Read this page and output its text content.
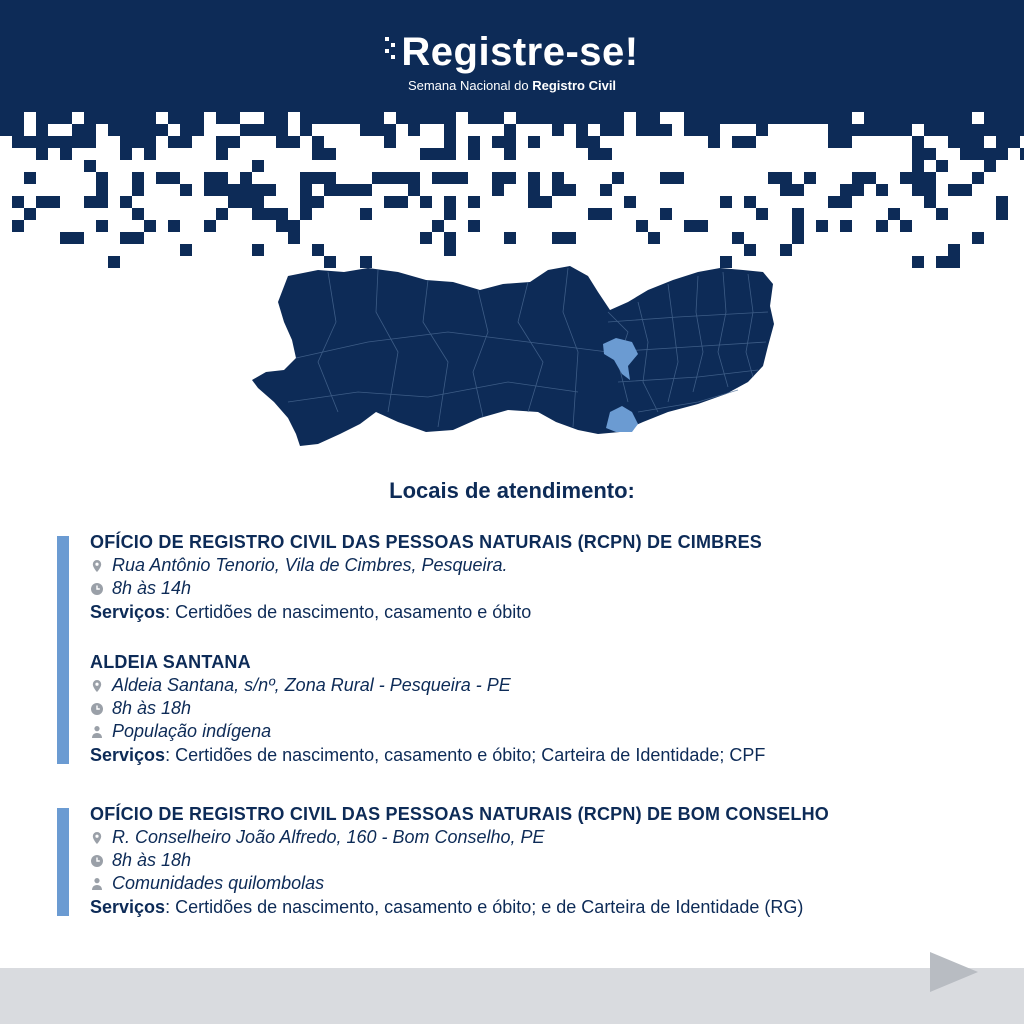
Registre-se!
Semana Nacional do Registro Civil
Locais de atendimento:
OFÍCIO DE REGISTRO CIVIL DAS PESSOAS NATURAIS (RCPN) DE CIMBRES
Rua Antônio Tenorio, Vila de Cimbres, Pesqueira.
8h às 14h
Serviços: Certidões de nascimento, casamento e óbito
ALDEIA SANTANA
Aldeia Santana, s/nº, Zona Rural - Pesqueira - PE
8h às 18h
População indígena
Serviços: Certidões de nascimento, casamento e óbito; Carteira de Identidade; CPF
OFÍCIO DE REGISTRO CIVIL DAS PESSOAS NATURAIS (RCPN) DE BOM CONSELHO
R. Conselheiro João Alfredo, 160 - Bom Conselho, PE
8h às 18h
Comunidades quilombolas
Serviços: Certidões de nascimento, casamento e óbito; e de Carteira de Identidade (RG)
